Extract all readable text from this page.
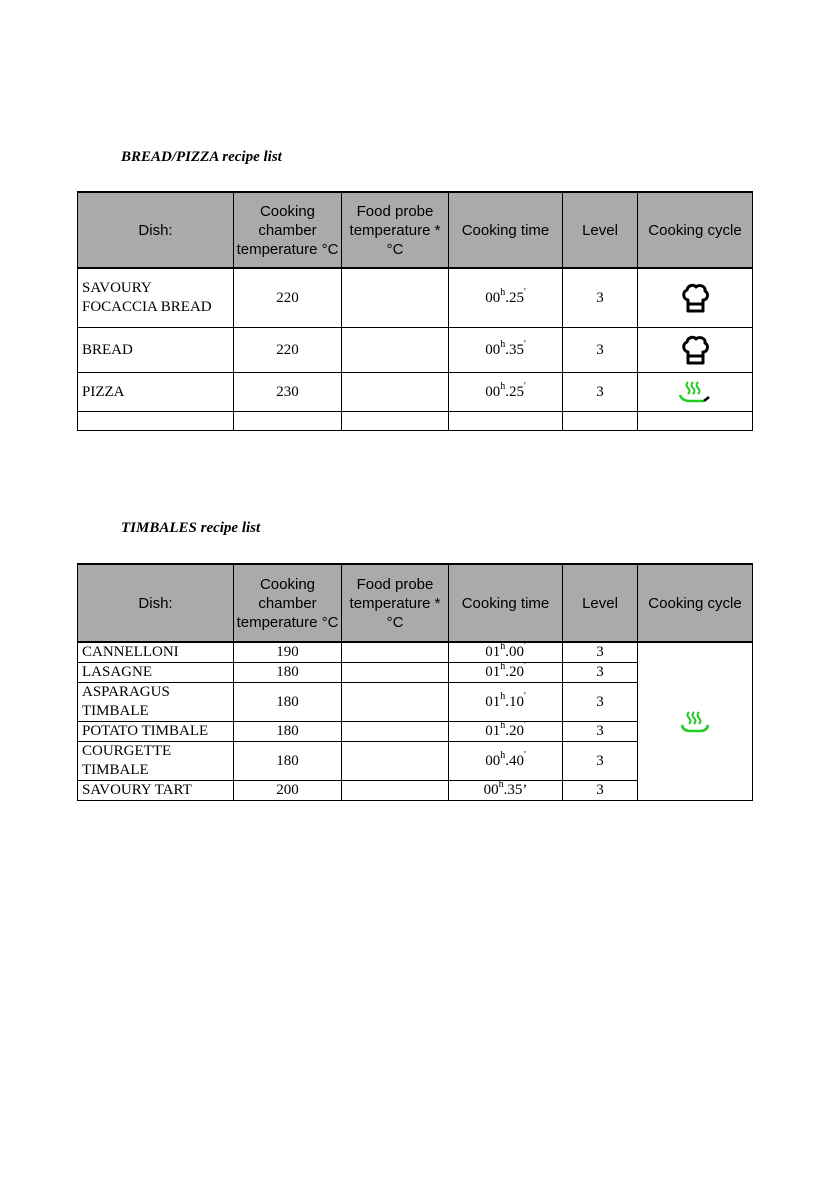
BREAD/PIZZA recipe list
Dish:	Cooking chamber temperature °C	Food probe temperature * °C	Cooking time	Level	Cooking cycle
SAVOURY FOCACCIA BREAD	220		00$^h$.25'	3	
BREAD	220		00$^h$.35'	3	
PIZZA	230		00$^h$.25'	3	

TIMBALES recipe list
Dish:	Cooking chamber temperature °C	Food probe temperature * °C	Cooking time	Level	Cooking cycle
CANNELLONI	190		01$^h$.00'	3	
LASAGNE	180		01$^h$.20'	3	
ASPARAGUS TIMBALE	180		01$^h$.10'	3	
POTATO TIMBALE	180		01$^h$.20'	3	
COURGETTE TIMBALE	180		00$^h$.40'	3	
SAVOURY TART	200		00$^h$.35’	3	
